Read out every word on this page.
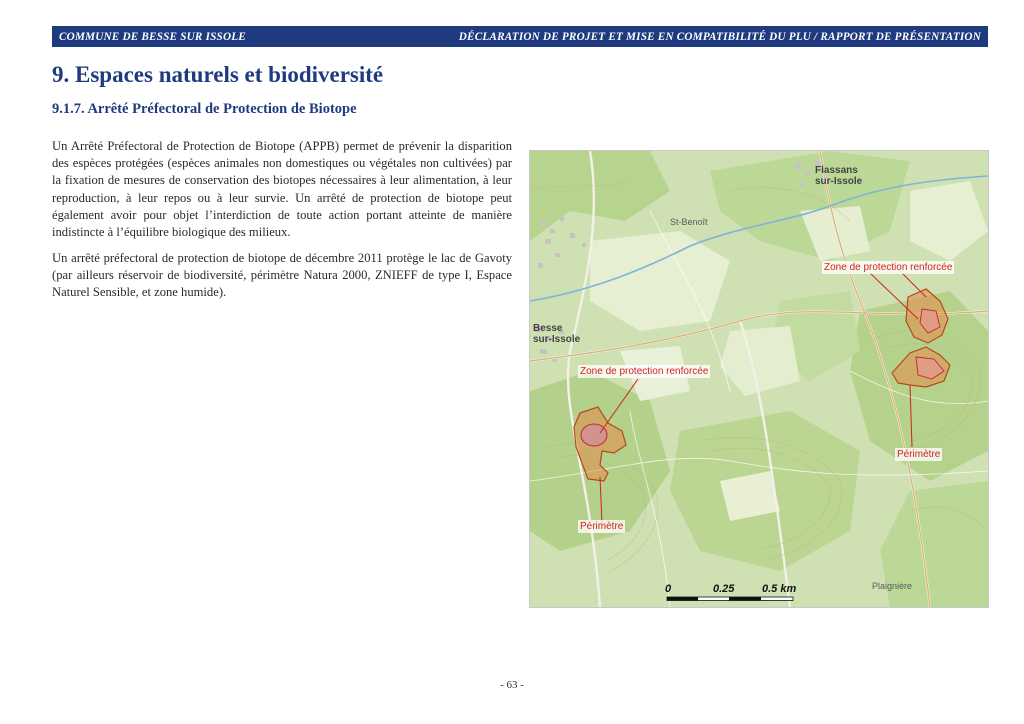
COMMUNE DE BESSE SUR ISSOLE	DÉCLARATION DE PROJET ET MISE EN COMPATIBILITÉ DU PLU / RAPPORT DE PRÉSENTATION
9. Espaces naturels et biodiversité
9.1.7. Arrêté Préfectoral de Protection de Biotope

Un Arrêté Préfectoral de Protection de Biotope (APPB) permet de prévenir la disparition des espèces protégées (espèces animales non domestiques ou végétales non cultivées) par la fixation de mesures de conservation des biotopes nécessaires à leur alimentation, à leur reproduction, à leur repos ou à leur survie. Un arrêté de protection de biotope peut également avoir pour objet l’interdiction de toute action portant atteinte de manière indistincte à l’équilibre biologique des milieux.

Un arrêté préfectoral de protection de biotope de décembre 2011 protège le lac de Gavoty (par ailleurs réservoir de biodiversité, périmètre Natura 2000, ZNIEFF de type I, Espace Naturel Sensible, et zone humide).

Besse
sur-Issole
Flassans
sur-Issole
St-Benoît
Plaignière
Zone de protection renforcée
Zone de protection renforcée
Périmètre
Périmètre
0	0.25	0.5 km
- 63 -
